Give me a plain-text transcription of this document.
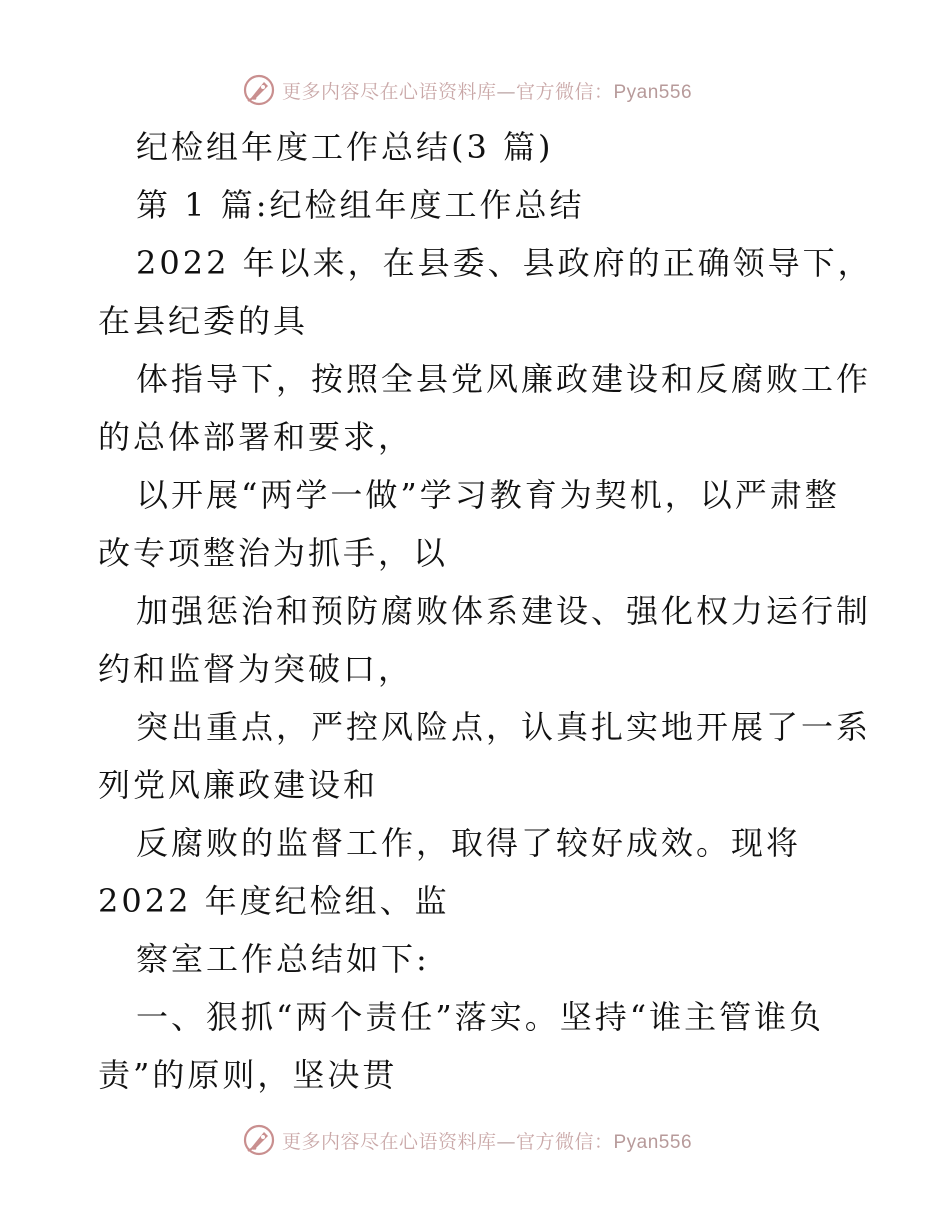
更多内容尽在心语资料库—官方微信：Pyan556
纪检组年度工作总结(3 篇)
第 1 篇:纪检组年度工作总结
2022 年以来，在县委、县政府的正确领导下，
在县纪委的具
体指导下，按照全县党风廉政建设和反腐败工作
的总体部署和要求，
以开展“两学一做”学习教育为契机，以严肃整
改专项整治为抓手，以
加强惩治和预防腐败体系建设、强化权力运行制
约和监督为突破口，
突出重点，严控风险点，认真扎实地开展了一系
列党风廉政建设和
反腐败的监督工作，取得了较好成效。现将
2022 年度纪检组、监
察室工作总结如下:
一、狠抓“两个责任”落实。坚持“谁主管谁负
责”的原则，坚决贯
更多内容尽在心语资料库—官方微信：Pyan556
